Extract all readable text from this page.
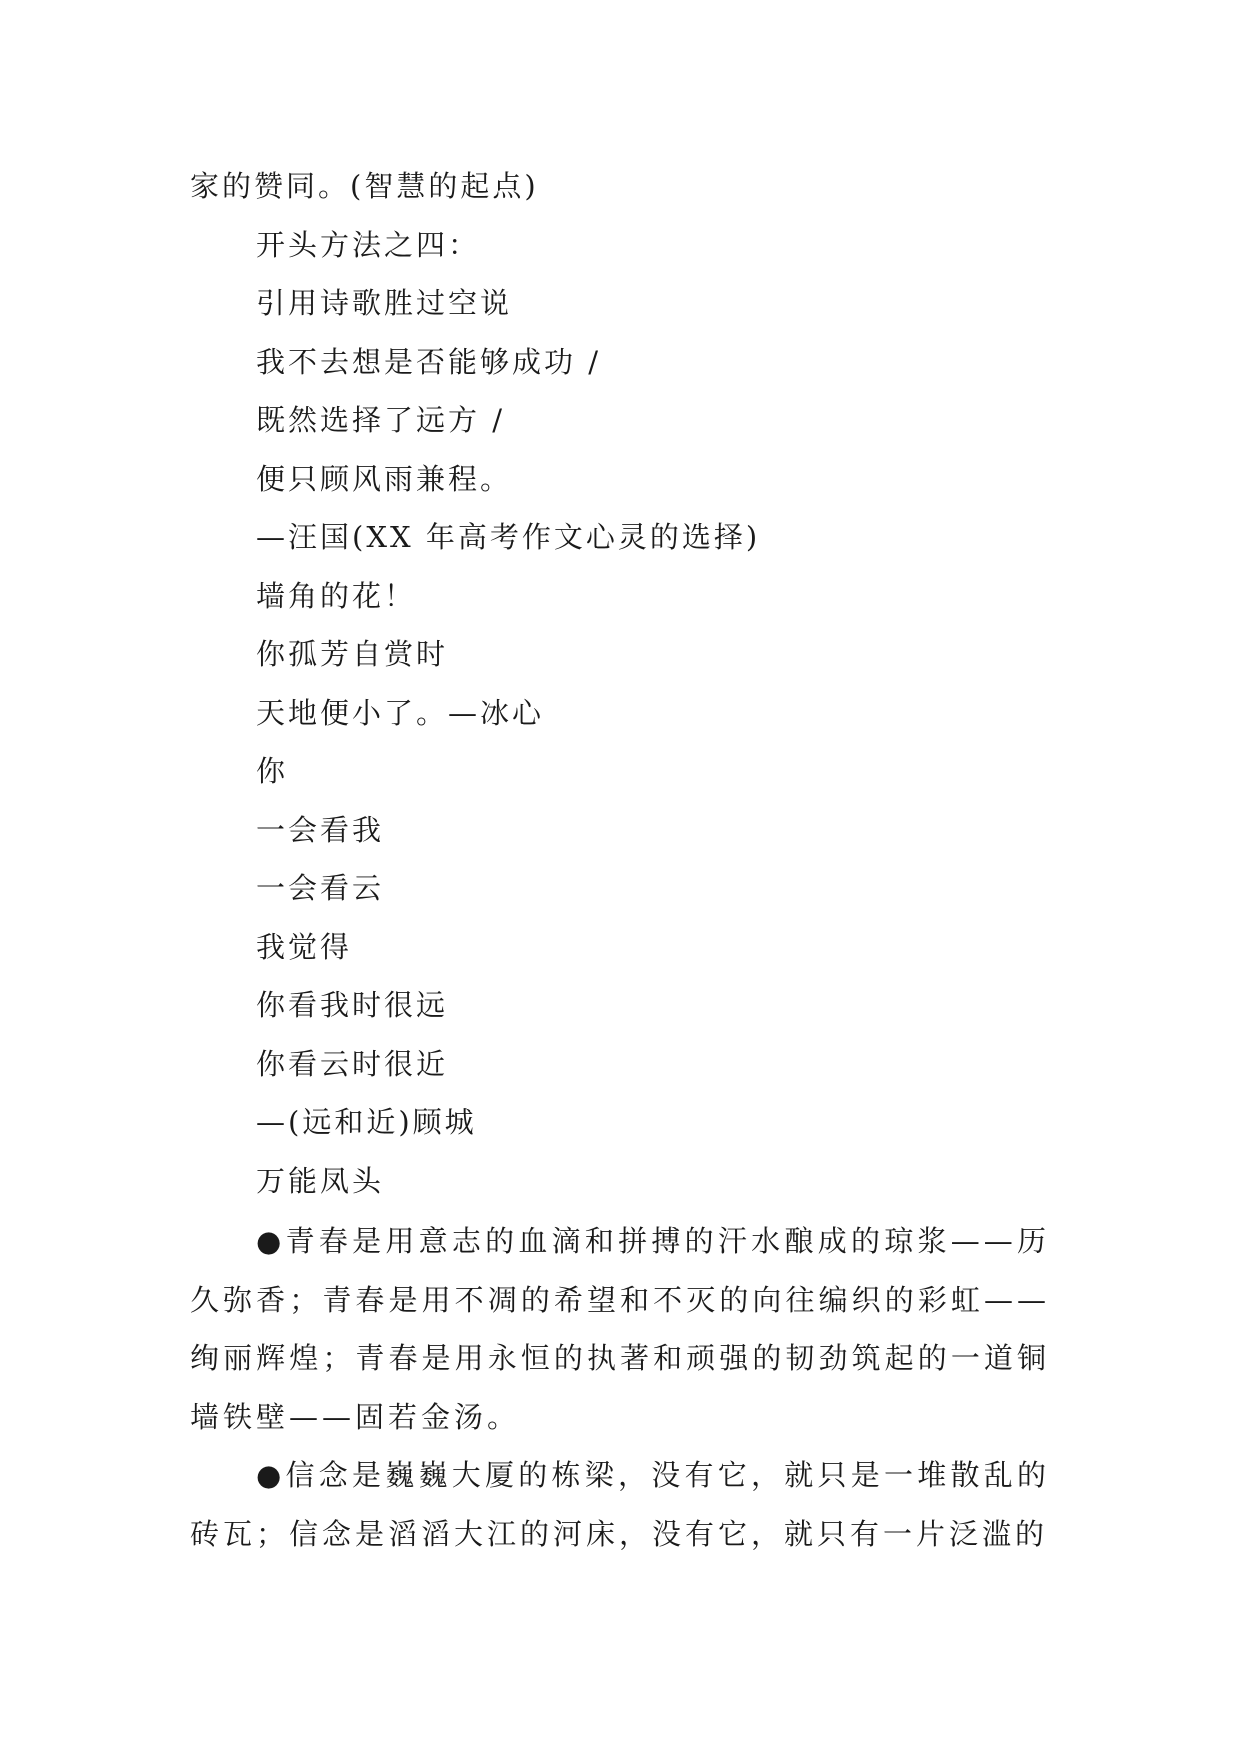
家的赞同。(智慧的起点)

开头方法之四：

引用诗歌胜过空说

我不去想是否能够成功 /

既然选择了远方 /

便只顾风雨兼程。

—汪国(XX 年高考作文心灵的选择)

墙角的花！

你孤芳自赏时

天地便小了。—冰心

你

一会看我

一会看云

我觉得

你看我时很远

你看云时很近

—(远和近)顾城

万能凤头

●青春是用意志的血滴和拼搏的汗水酿成的琼浆——历久弥香；青春是用不凋的希望和不灭的向往编织的彩虹——绚丽辉煌；青春是用永恒的执著和顽强的韧劲筑起的一道铜墙铁壁——固若金汤。

●信念是巍巍大厦的栋梁，没有它，就只是一堆散乱的砖瓦；信念是滔滔大江的河床，没有它，就只有一片泛滥的
